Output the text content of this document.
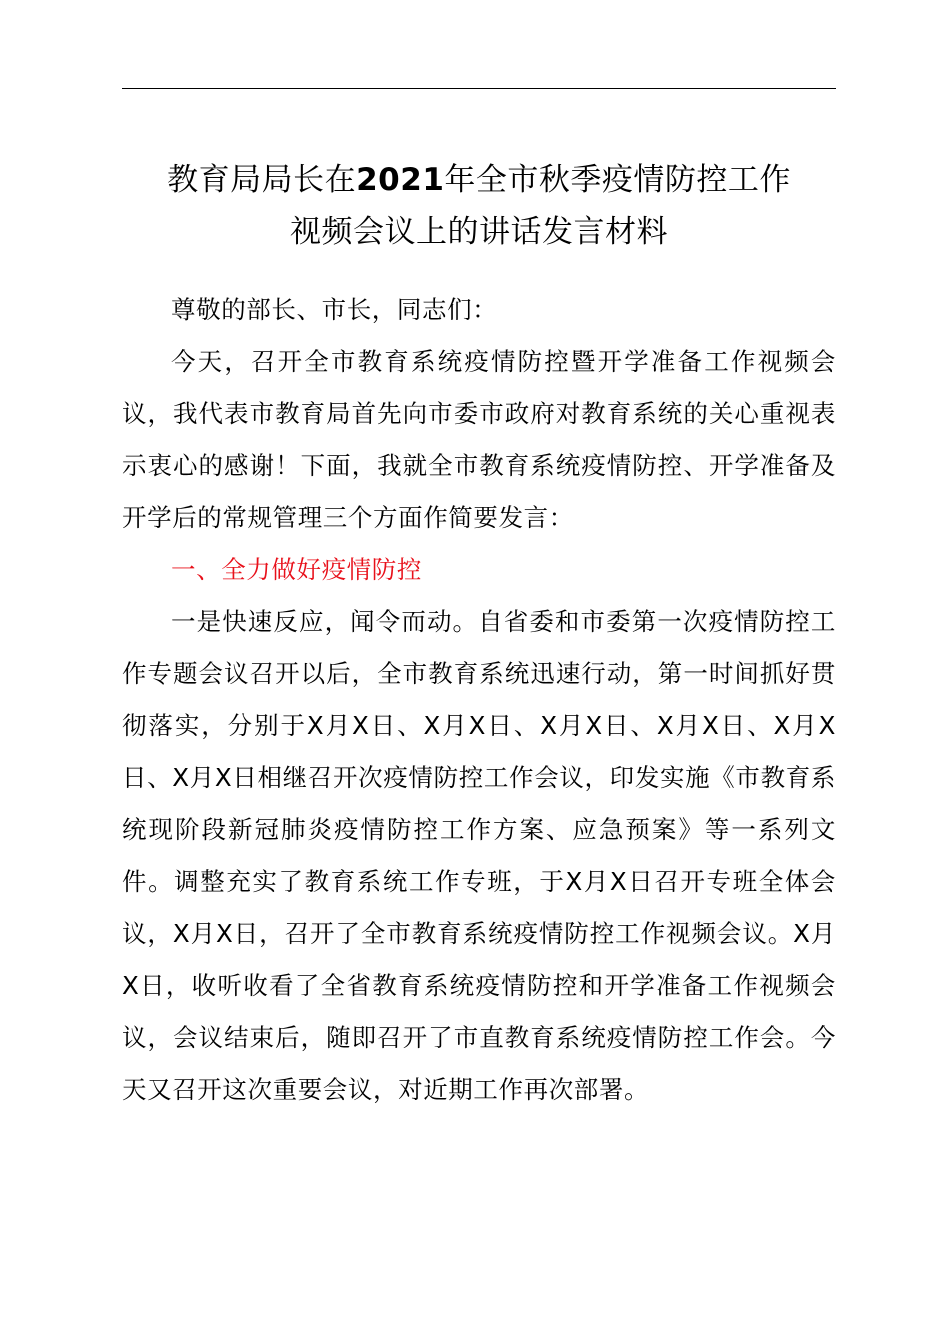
教育局局长在2021年全市秋季疫情防控工作
视频会议上的讲话发言材料

尊敬的部长、市长，同志们：

今天，召开全市教育系统疫情防控暨开学准备工作视频会议，我代表市教育局首先向市委市政府对教育系统的关心重视表示衷心的感谢！下面，我就全市教育系统疫情防控、开学准备及开学后的常规管理三个方面作简要发言：

一、全力做好疫情防控

一是快速反应，闻令而动。自省委和市委第一次疫情防控工作专题会议召开以后，全市教育系统迅速行动，第一时间抓好贯彻落实，分别于X月X日、X月X日、X月X日、X月X日、X月X日、X月X日相继召开次疫情防控工作会议，印发实施《市教育系统现阶段新冠肺炎疫情防控工作方案、应急预案》等一系列文件。调整充实了教育系统工作专班，于X月X日召开专班全体会议，X月X日，召开了全市教育系统疫情防控工作视频会议。X月X日，收听收看了全省教育系统疫情防控和开学准备工作视频会议，会议结束后，随即召开了市直教育系统疫情防控工作会。今天又召开这次重要会议，对近期工作再次部署。
